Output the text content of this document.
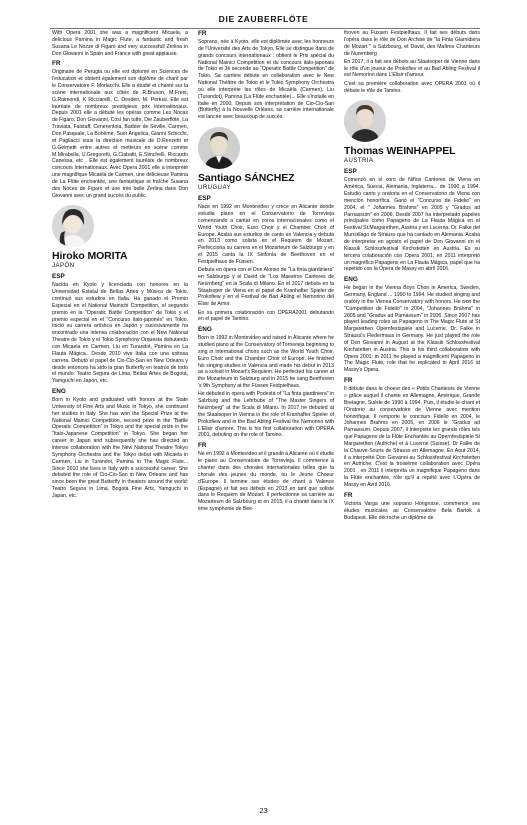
DIE ZAUBERFLÖTE

With Opera 2001 she was a magnificent Micaela, a delicious Pamina in Magic Flute, a fantastic and fresh Susana Le Nozze di Figaro and very successfull Zerlina in Don Giovanni in Spain and France with great applause.

FR

Originaire de Perugia ou elle est diplomé en Sciences de l'education et obtient également son diplôme de chant par le Conservatoire F. Morlacchi. Elle a étudié et chanté sur la scène internationale aux côtés de R.Bruson, M.Freni, G.Raimondi, K Ricciarelli, C. Desderi, M. Pertusi. Elle est lauréate de nombreux prestigieux prix internationaux. Depuis 2001 elle a débuté les opéras comme Les Nocas de Figaro, Don Giovanni, Così fan tutte, Die Zauberflöte, La Traviata, Falstaff, Cenerentola, Barbier de Séville, Carmen, Don Pasquale, La Bohème, Suor Angelica, Gianni Schicchi, et Pagliacci sous la direction musicale de D.Renzetti et G.Gelmetti entre autres et metteurs en scène comme M.Mirabella, U.Gregoretti, G.Ciabatti, E.Stinchelli, Riccardo Canessa, etc . Elle est également lauréate de nombreux concours internationaux. Avec Opera 2001 elle a interprété une magnifique Micaela de Carmen, une délicieuse Pamina de La Flûte enchantée, une fantastique et fraîche Susana des Noces de Figaro et une très belle Zerlina dans Don Giovanni avec un grand succès du public.

Hiroko MORITA
JAPÓN
ESP

Nacida en Kyoto y licenciada con honores en la Universidad Estatal de Bellas Artes y Música de Tokio, continuó sus estudios en Italia. Ha ganado el Premio Especial en el National Mainichi Competition, el segundo premio en la "Operatic Battle Competition" de Tokio y el premio especial en el "Concurso italo-japonés" en Tokio. Inició su carrera artística en Japón y sucesivamente ha encontrado una intensa colaboración con el New National Theatre de Tokio y el Tokio Symphony Orquesta dobutando con Micaela en Carmen, Liu en Turandot, Pamina en La Flauta Mágica.. Desde 2010 vive Italia con una exitosa carrera. Debutó el papel de Cio-Cio-San en New Orleans y desde entonces ha sido la gran Butterfly en teatros de todo el mundo: Teatro Segura de Lima, Bellas Artes de Bogotá, Yamguchi en Japón, etc.

ENG

Born in Kyoto and graduated with honors at the State University of Fine Arts and Music in Tokyo, she continued her studies in Italy. She has won the Special Prize at the National Mainici Competition, second prize in the "Battle Operatic Competition" in Tokyo and the special prize in the "Italo-Japanese Competition" in Tokyo. She began her career in Japan and subsequently she has directed an intense collaboration with the New National Theatre Tokyo Symphony Orchestra and the Tokyo debut with Micaela in Carmen, Liu in Turandot, Pamina in The Magic Flute... Since 2010 she lives in Italy with a successful career. She debuted the role of Cio-Cio-San in New Orleans and has since been the great Butterfly in theaters around the world: Teatro Segura in Lima, Bogotá Fine Arts, Yamguchi in Japan, etc.

FR

Soprano, née à Kyoto, elle est diplômée avec les honneurs de l'Université des Arts de Tokyo. Elle se distingue dans de grands concours internationaux : obtient le Prix spécial du National Mainici Competition et du concours italo-japonais de Tokio et 3è seconde au "Operatic Battle Competition" de Tokio. Sa carrière débute en collaboration avec le New National Théâtre de Tokio et le Tokio Symphony Orchestra où elle interprète les rôles de Micaëla (Carmen), Liu (Turandot), Pamina (La Flûte enchantée)... Elle s'installe en Italie en 2000. Depuis son interprétation de Cio-Cio-San (Butterfly) à la Nouvelle Orléans, sa carrière internationale est lancée avec beaucoup de succès.

Santiago SÁNCHEZ
URUGUAY
ESP

Nace en 1992 en Montevideo y crece en Alicante donde estudia piano en el Conservatorio de Torrevieja comenzando a cantar en coros internacionales como el World Youth Choir, Euro Choir y el Chamber Choir of Europe. Acaba sus estudios de canto en Valencia y debuta en 2013 como solista en el Requiem de Mozart. Perfecciona su carrera en el Mozarteum de Salzburgo y en el 2015 canta la IX Sinfonía de Beethoven en el Festpielhaus de Füssen.

Debuta en ópera con el Don Alonso de "La finta giardiniera" en Salzburgo y el David de "Los Maestros Cantores de Neürnberg" en la Scala di Milano. En el 2017 debuta en la Staatsoper de Viena en el papel de Kranhafter Spieler de Prokofiew y en el Festival de Bad Ábling el Nemorino del Elixir de Amor.

En su primera colaboración con OPERA2001 debutando en el papel de Tamino.

ENG

Born in 1992 in Montevideo and raised in Alicante where he studied piano at the Conservatory of Torrevieja beginning to sing in international choirs such as the World Youth Choir, Euro Choir and the Chamber Choir of Europe. He finished his singing studies in Valencia and made his debut in 2013 as a soloist in Mozart's Requiem. He perfected his career at the Mozarteum in Salzburg and in 2015 he sang Beethoven 's 9th Symphony at the Füssen Festpielhaus.

He debuted in opera with Podestà of "La finta giardiniera" in Salzburg and the Lehrbube of "The Master Singers of Neürnberg" at the Scala di Milano. In 2017 he debuted at the Staatsoper in Vienna in the role of Kranhafter Spieler of Prokofiew and in the Bad Abling Festival the Nemorino with L'Elisir d'amore. This is his first collaboration with OPERA 2001, debuting on the role of Tamino.

FR

Né en 1992 à Montevideo et il grandit à Alicante où il étudie le piano au Conservatoire de Torrevieja. Il commence à chanter dans des chorales internationales telles que la chorale des jeunes du monde, ou le Jeune Choeur d'Europe. Il termine ses études de chant à Valence (Espagne) et fait ses débuts en 2013 en tant que soliste dans le Requiem de Mozart. Il perfectionne sa carrière au Mozarteum de Salzbourg et en 2015, il a chanté dans la IX ème symphonie de Bee-

thoven au Füssen Festpielhaus. Il fait ses débuts dans l'opéra dans le rôle de Don Archise de "la Finta Giarnidiera de Mozart " à Salzbourg, et David, des Maîtres Chanteurs de Nuremberg

En 2017, il a fait ses débuts au Staatsoper de Vienne dans le rôle d'un joueur de Prokofiev et au Bad Abling Festival il est Nemorino dans L'Elisir d'amour.

C'est sa première collaboration avec OPERA 2001 où il débute le rôle de Tamino.

Thomas WEINHAPPEL
AUSTRIA
ESP

Comenzó en el coro de Niños Cantores de Viena en América, Suecia, Alemania, Inglaterra... de 1990 a 1994. Estudió canto y oratoria en el Conservatorio de Viena con mención honorífica. Ganó el "Concurso de Fidelio" en 2004, el " Johannes Brahms" en 2005 y "Gradus ad Parnassum" en 2006. Desde 2007 ha interpretado papeles principales como Papageno de La Flauta Mágica en el Festival St.Margarethen, Austria y en Lucerna, Dr. Falke del Murciélago de Strauss que ha cantado en Alemania. Acaba de interpretar en agosto el papel de Don Giovanni en el Klassik Schlossfestival Kirchstetten en Austria. Es su tercera colaboración con Opera 2001; en 2011 interpretó un magnífico Papageno en La Flauta Mágica, papel que ha repetido con la Ópera de Massy en abril 2016.

ENG

He began in the Vienna Boys Choir in America, Sweden, Germany, England ... 1990 to 1994. He studied singing and oratory in the Vienna Conservatory with honors. He won the "Competition de Fidelio" in 2004, "Johannes Brahms" in 2005 and "Gradus ad Parnassum" in 2006. Since 2007 has played leading roles as Papageno in The Magic Flute at St Margarethen Opernfestspiele and Lucerne, Dr. Falke in Strauss's Fledermaus in Germany. He just played the role of Don Giovanni in August at the Klassik Schlossfestival Kirchstetten in Austria. This is his third collaboration with Opera 2001; in 2011 he played a magnificent Papageno in The Magic Flute, role that he replicated in April 2016 at Massy's Opera.

FR

Il débute dans le choeur des « Petits Chanteurs de Vienne » grâce auquel il chante en Allemagne, Amérique, Grande Bretagne, Suède de 1990 à 1994. Puis, il étudie le chant et l'Oratorio au conservatoire de Vienne avec mention honorifique. Il remporte le concours Fidelio en 2004, le Johannes Brahms en 2005, en 2006 le "Gradus ad Parnassum. Depuis 2007, il interprète les grands rôles tels que Papageno de la Flûte Enchantée au Opernfestspiele St Margarethen (Autriche) et à Lucerne (Suisse). Dr Falke de la Chauve-Souris de Strauss en Allemagne. En Aout 2014, il a interprété Don Giovanni au Schlossfestival Kirchstetten en Autriche. C'est la troisième collaboration avec Opéra 2001 , en 2011 il interpréta un magnifique Papageno dans la Flûte enchantée, rôle qu'il a repété avec L'Opéra de Massy en Avril 2016.

FR

Victoria Varga une soprano Hongroise, commence ses études musicales au Conservatoire Bela Bartok à Budapest. Elle décroche un diplôme de

23
